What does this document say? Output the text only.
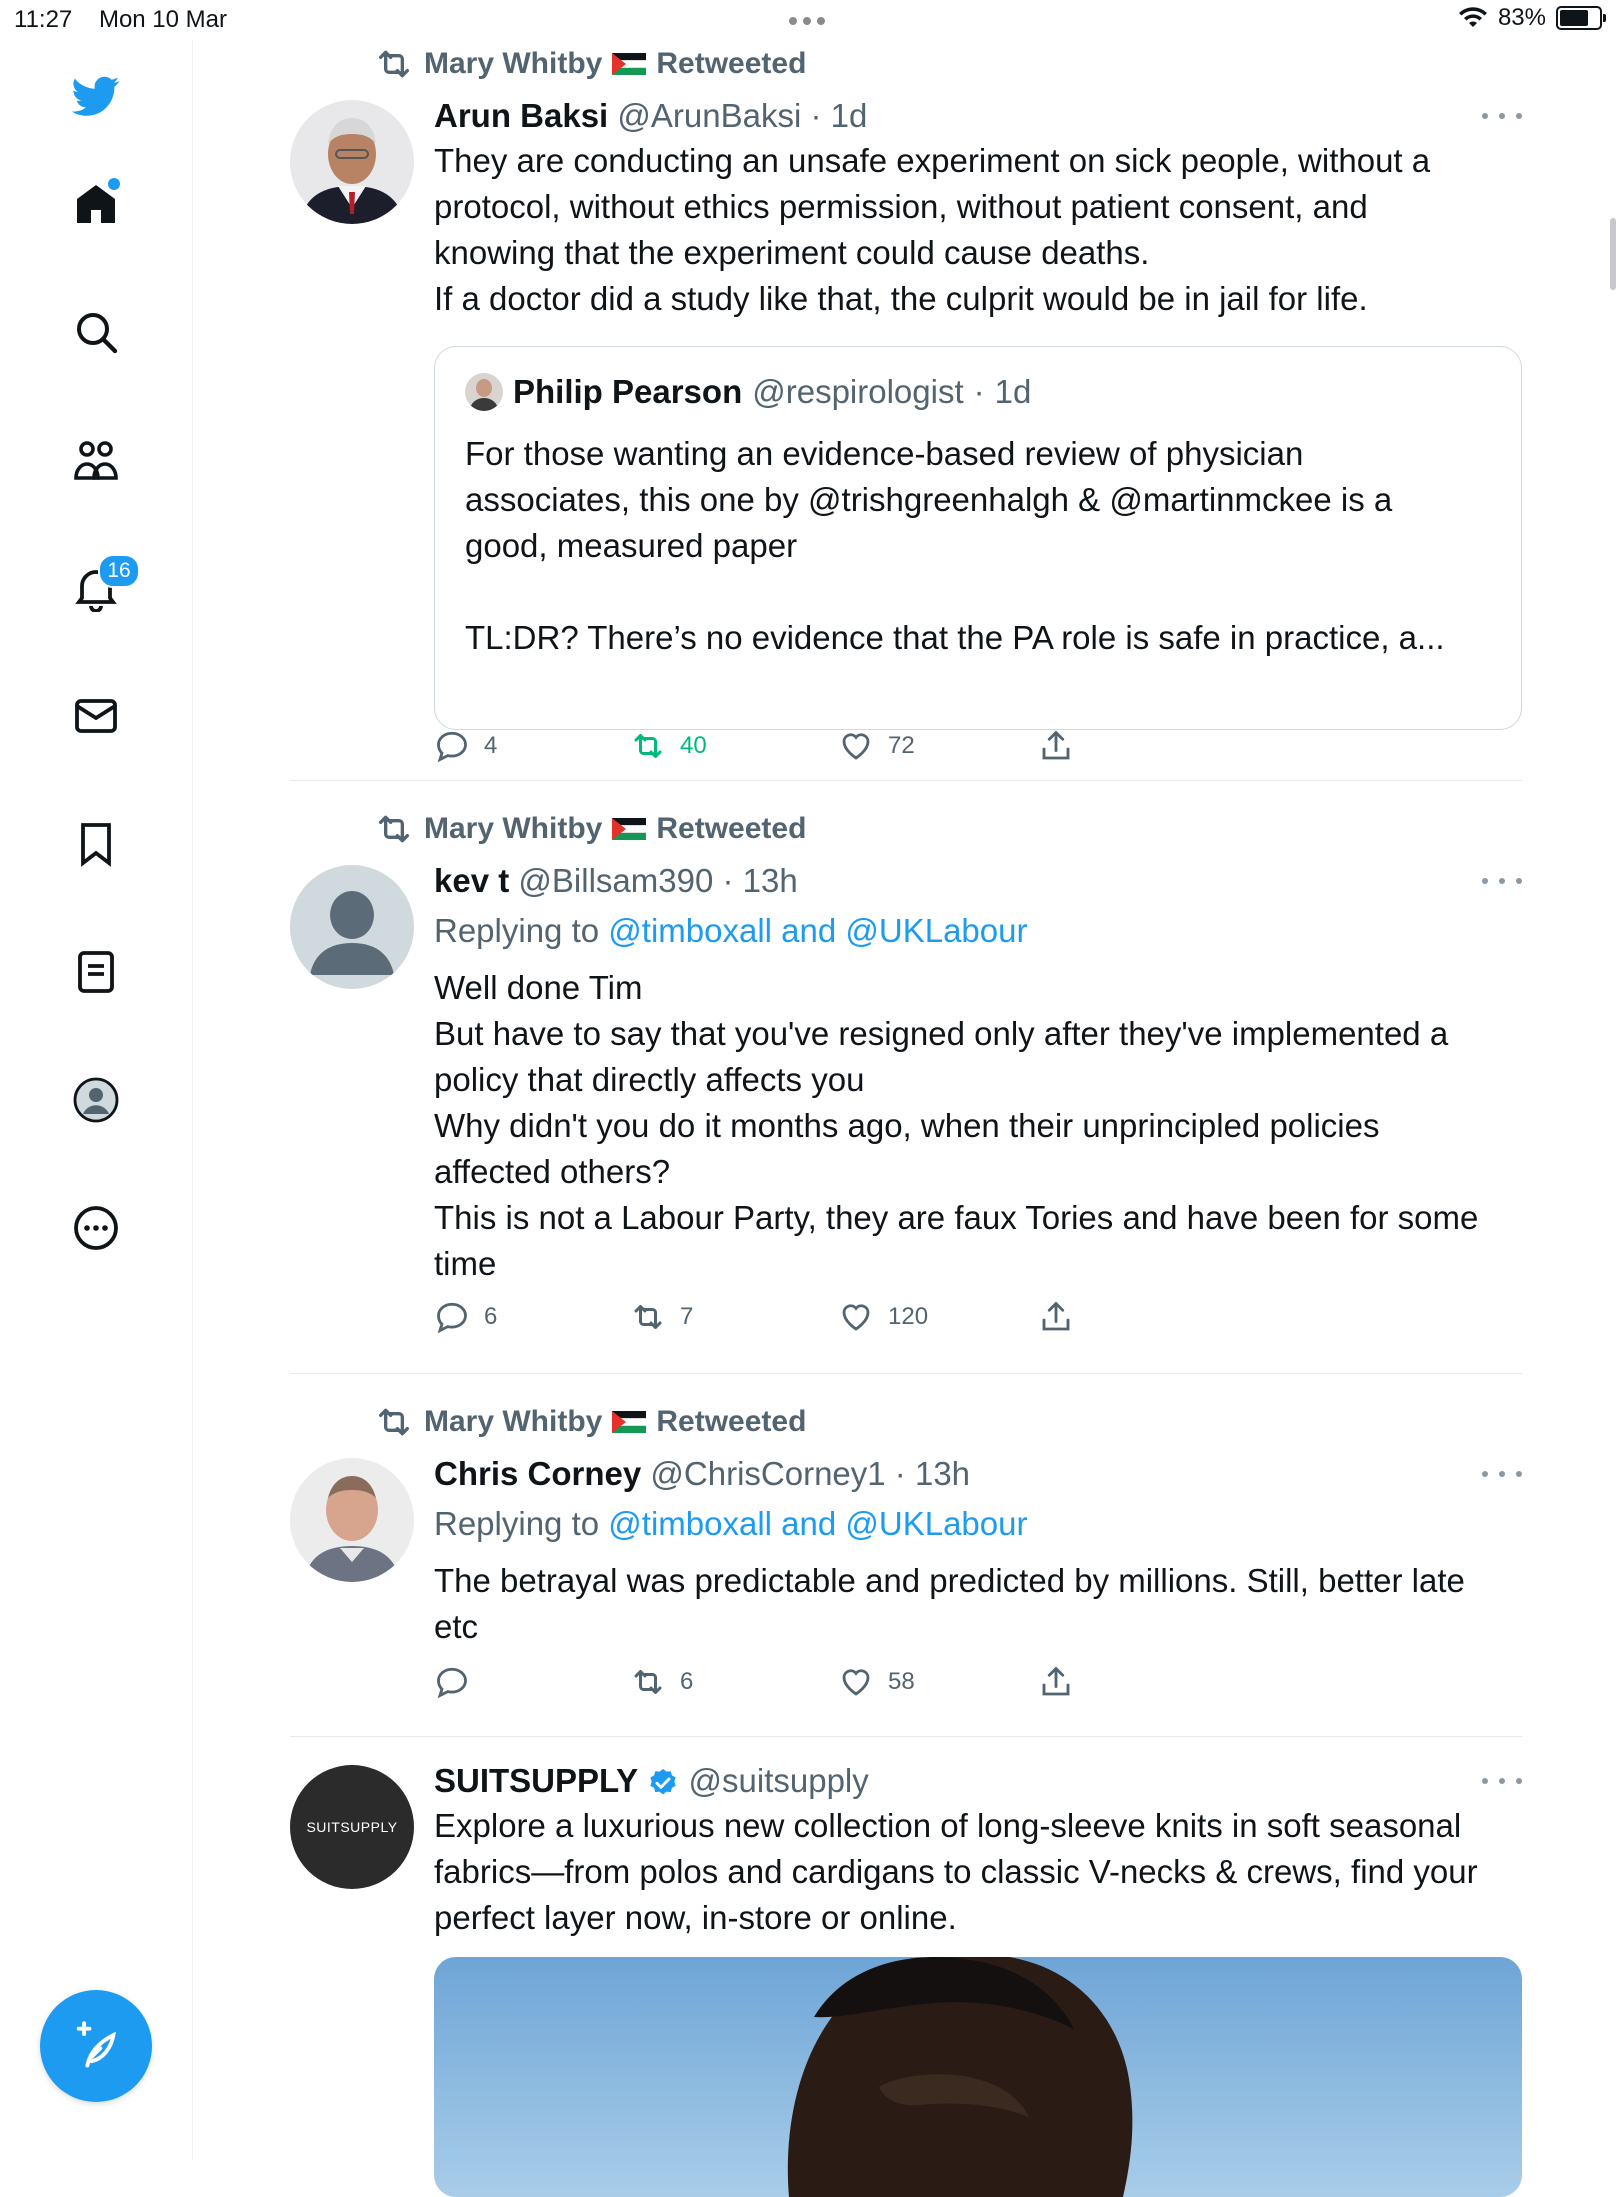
11:27 Mon 10 Mar	83%
16
Mary Whitby Retweeted
Arun Baksi @ArunBaksi · 1d
They are conducting an unsafe experiment on sick people, without a
protocol, without ethics permission, without patient consent, and
knowing that the experiment could cause deaths.
If a doctor did a study like that, the culprit would be in jail for life.
Philip Pearson @respirologist · 1d
For those wanting an evidence-based review of physician
associates, this one by @trishgreenhalgh & @martinmckee is a
good, measured paper

TL:DR? There’s no evidence that the PA role is safe in practice, a...
4	40	72
Mary Whitby Retweeted
kev t @Billsam390 · 13h
Replying to @timboxall and @UKLabour
Well done Tim
But have to say that you've resigned only after they've implemented a
policy that directly affects you
Why didn't you do it months ago, when their unprincipled policies
affected others?
This is not a Labour Party, they are faux Tories and have been for some
time
6	7	120
Mary Whitby Retweeted
Chris Corney @ChrisCorney1 · 13h
Replying to @timboxall and @UKLabour
The betrayal was predictable and predicted by millions. Still, better late
etc
6	58
SUITSUPPLY
SUITSUPPLY @suitsupply
Explore a luxurious new collection of long-sleeve knits in soft seasonal
fabrics—from polos and cardigans to classic V-necks & crews, find your
perfect layer now, in-store or online.
